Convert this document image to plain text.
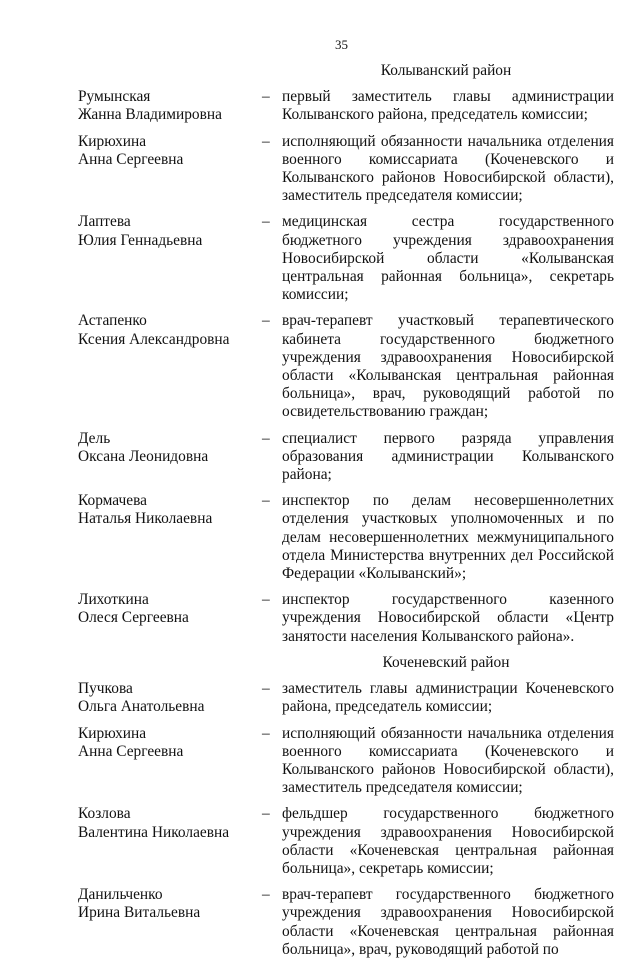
35
Колыванский район
Румынская
Жанна Владимировна
– первый заместитель главы администрации Колыванского района, председатель комиссии;
Кирюхина
Анна Сергеевна
– исполняющий обязанности начальника отделения военного комиссариата (Коченевского и Колыванского районов Новосибирской области), заместитель председателя комиссии;
Лаптева
Юлия Геннадьевна
– медицинская сестра государственного бюджетного учреждения здравоохранения Новосибирской области «Колыванская центральная районная больница», секретарь комиссии;
Астапенко
Ксения Александровна
– врач-терапевт участковый терапевтического кабинета государственного бюджетного учреждения здравоохранения Новосибирской области «Колыванская центральная районная больница», врач, руководящий работой по освидетельствованию граждан;
Дель
Оксана Леонидовна
– специалист первого разряда управления образования администрации Колыванского района;
Кормачева
Наталья Николаевна
– инспектор по делам несовершеннолетних отделения участковых уполномоченных и по делам несовершеннолетних межмуниципального отдела Министерства внутренних дел Российской Федерации «Колыванский»;
Лихоткина
Олеся Сергеевна
– инспектор государственного казенного учреждения Новосибирской области «Центр занятости населения Колыванского района».
Коченевский район
Пучкова
Ольга Анатольевна
– заместитель главы администрации Коченевского района, председатель комиссии;
Кирюхина
Анна Сергеевна
– исполняющий обязанности начальника отделения военного комиссариата (Коченевского и Колыванского районов Новосибирской области), заместитель председателя комиссии;
Козлова
Валентина Николаевна
– фельдшер государственного бюджетного учреждения здравоохранения Новосибирской области «Коченевская центральная районная больница», секретарь комиссии;
Данильченко
Ирина Витальевна
– врач-терапевт государственного бюджетного учреждения здравоохранения Новосибирской области «Коченевская центральная районная больница», врач, руководящий работой по
